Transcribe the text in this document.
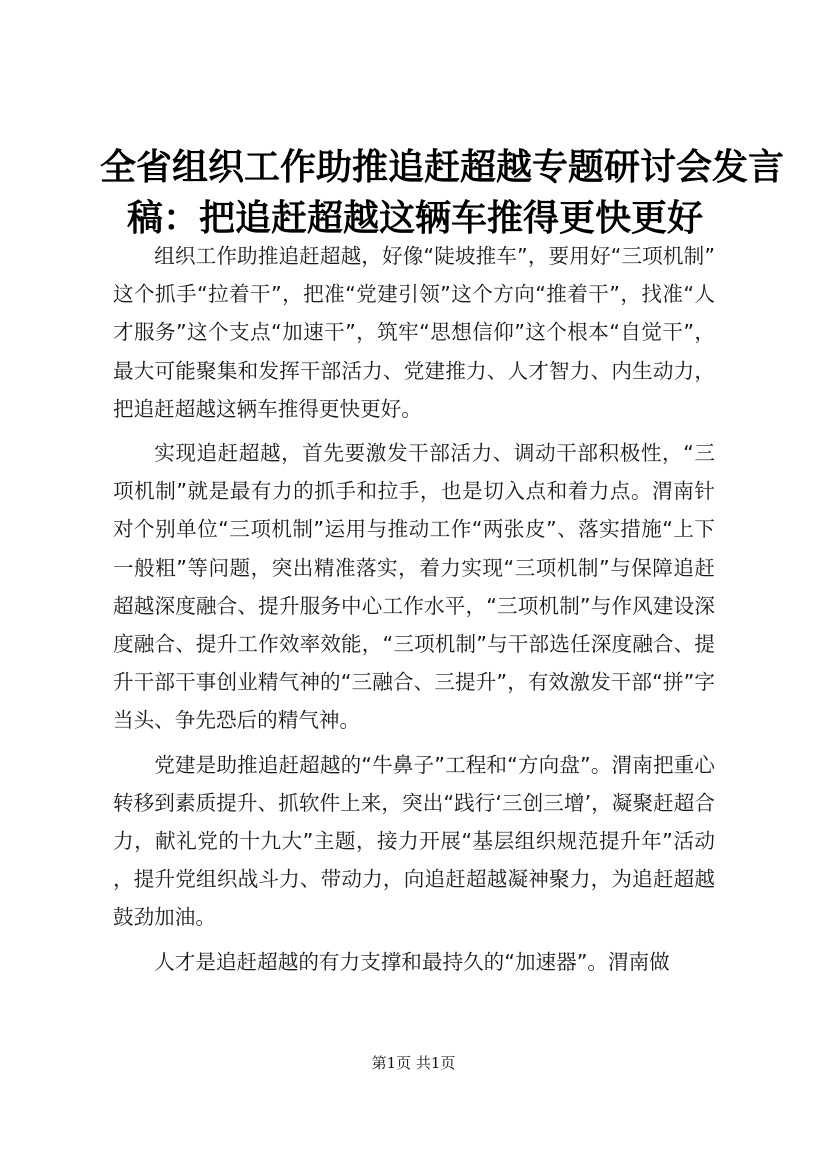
全省组织工作助推追赶超越专题研讨会发言
稿：把追赶超越这辆车推得更快更好

组织工作助推追赶超越，好像“陡坡推车”，要用好“三项机制”这个抓手“拉着干”，把准“党建引领”这个方向“推着干”，找准“人才服务”这个支点“加速干”，筑牢“思想信仰”这个根本“自觉干”，最大可能聚集和发挥干部活力、党建推力、人才智力、内生动力，把追赶超越这辆车推得更快更好。

实现追赶超越，首先要激发干部活力、调动干部积极性，“三项机制”就是最有力的抓手和拉手，也是切入点和着力点。渭南针对个别单位“三项机制”运用与推动工作“两张皮”、落实措施“上下一般粗”等问题，突出精准落实，着力实现“三项机制”与保障追赶超越深度融合、提升服务中心工作水平，“三项机制”与作风建设深度融合、提升工作效率效能，“三项机制”与干部选任深度融合、提升干部干事创业精气神的“三融合、三提升”，有效激发干部“拼”字当头、争先恐后的精气神。

党建是助推追赶超越的“牛鼻子”工程和“方向盘”。渭南把重心转移到素质提升、抓软件上来，突出“践行‘三创三增’，凝聚赶超合力，献礼党的十九大”主题，接力开展“基层组织规范提升年”活动，提升党组织战斗力、带动力，向追赶超越凝神聚力，为追赶超越鼓劲加油。

人才是追赶超越的有力支撑和最持久的“加速器”。渭南做

第1页 共1页
